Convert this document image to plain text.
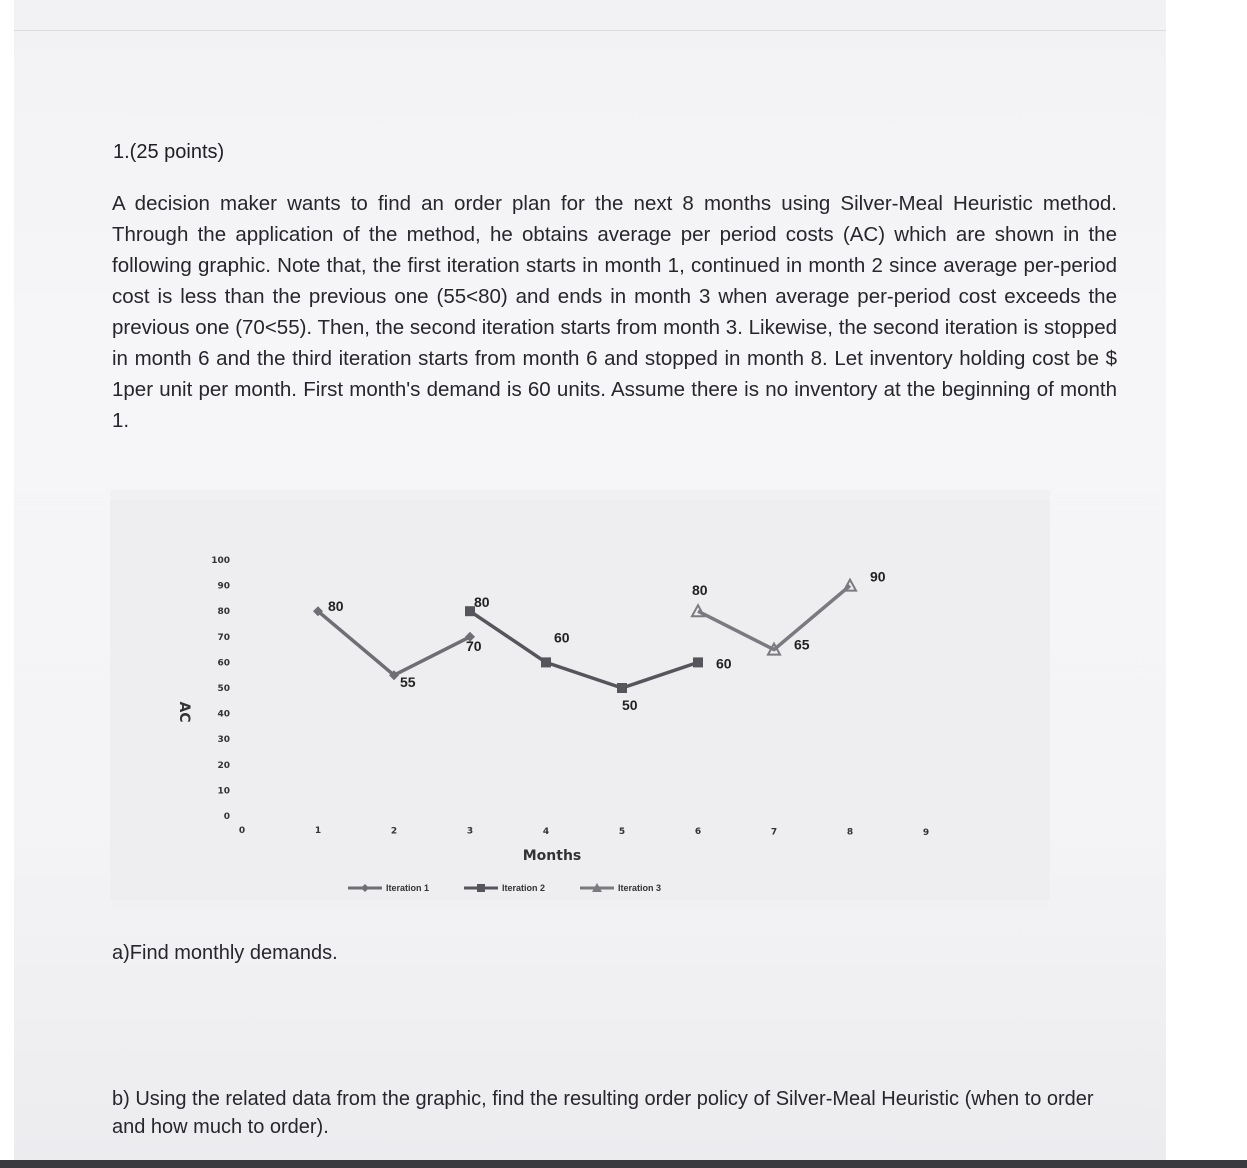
1.(25 points)
A decision maker wants to find an order plan for the next 8 months using Silver-Meal Heuristic method. Through the application of the method, he obtains average per period costs (AC) which are shown in the following graphic. Note that, the first iteration starts in month 1, continued in month 2 since average per-period cost is less than the previous one (55<80) and ends in month 3 when average per-period cost exceeds the previous one (70<55). Then, the second iteration starts from month 3. Likewise, the second iteration is stopped in month 6 and the third iteration starts from month 6 and stopped in month 8. Let inventory holding cost be $ 1per unit per month. First month's demand is 60 units. Assume there is no inventory at the beginning of month 1.
AC
0
10
20
30
40
50
60
70
80
90
100
0	1	2	3	4	5	6	7	8	9
Months
80
55
70
80
60
50
60
80
65
90
Iteration 1	Iteration 2	Iteration 3
a)Find monthly demands.
b) Using the related data from the graphic, find the resulting order policy of Silver-Meal Heuristic (when to order and how much to order).
